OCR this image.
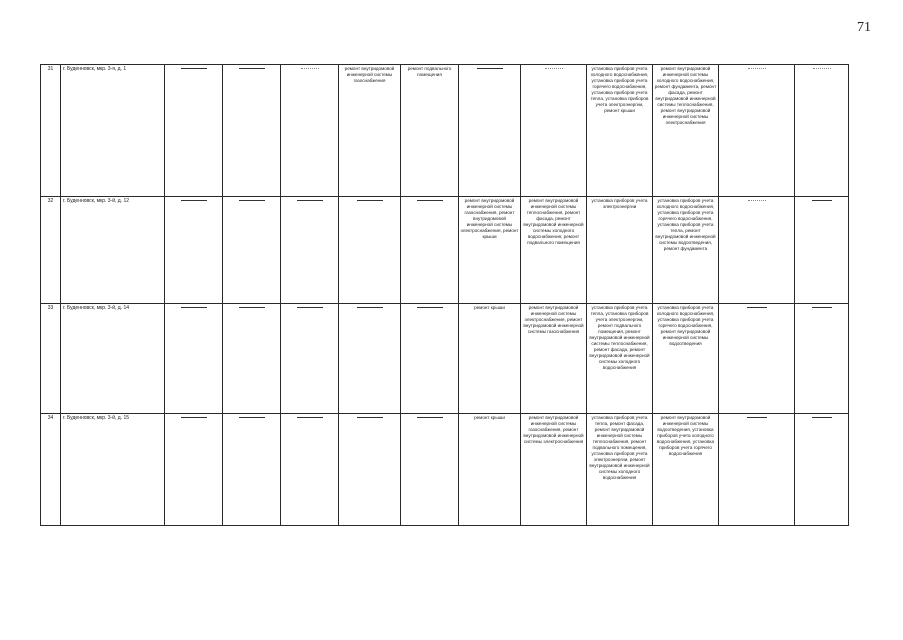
71
31	г. Буденновск, мкр. 3-я, д. 1				ремонт внутридомовой инженерной системы газоснабжения	ремонт подвального помещения			установка приборов учета холодного водоснабжения, установка приборов учета горячего водоснабжения, установка приборов учета тепла, установка приборов учета электроэнергии, ремонт крыши	ремонт внутридомовой инженерной системы холодного водоснабжения, ремонт фундамента, ремонт фасада, ремонт внутридомовой инженерной системы теплоснабжения, ремонт внутридомовой инженерной системы электроснабжения		

32	г. Буденновск, мкр. 3-й, д. 12						ремонт внутридомовой инженерной системы газоснабжения, ремонт внутридомовой инженерной системы электроснабжения, ремонт крыши	ремонт внутридомовой инженерной системы теплоснабжения, ремонт фасада, ремонт внутридомовой инженерной системы холодного водоснабжения, ремонт подвального помещения	установка приборов учета электроэнергии	установка приборов учета холодного водоснабжения, установка приборов учета горячего водоснабжения, установка приборов учета тепла, ремонт внутридомовой инженерной системы водоотведения, ремонт фундамента		

33	г. Буденновск, мкр. 3-й, д. 14						ремонт крыши	ремонт внутридомовой инженерной системы электроснабжения, ремонт внутридомовой инженерной системы газоснабжения	установка приборов учета тепла, установка приборов учета электроэнергии, ремонт подвального помещения, ремонт внутридомовой инженерной системы теплоснабжения, ремонт фасада, ремонт внутридомовой инженерной системы холодного водоснабжения	установка приборов учета холодного водоснабжения, установка приборов учета горячего водоснабжения, ремонт внутридомовой инженерной системы водоотведения		

34	г. Буденновск, мкр. 3-й, д. 15						ремонт крыши	ремонт внутридомовой инженерной системы газоснабжения, ремонт внутридомовой инженерной системы электроснабжения	установка приборов учета тепла, ремонт фасада, ремонт внутридомовой инженерной системы теплоснабжения, ремонт подвального помещения, установка приборов учета электроэнергии, ремонт внутридомовой инженерной системы холодного водоснабжения	ремонт внутридомовой инженерной системы водоотведения, установка приборов учета холодного водоснабжения, установка приборов учета горячего водоснабжения		
